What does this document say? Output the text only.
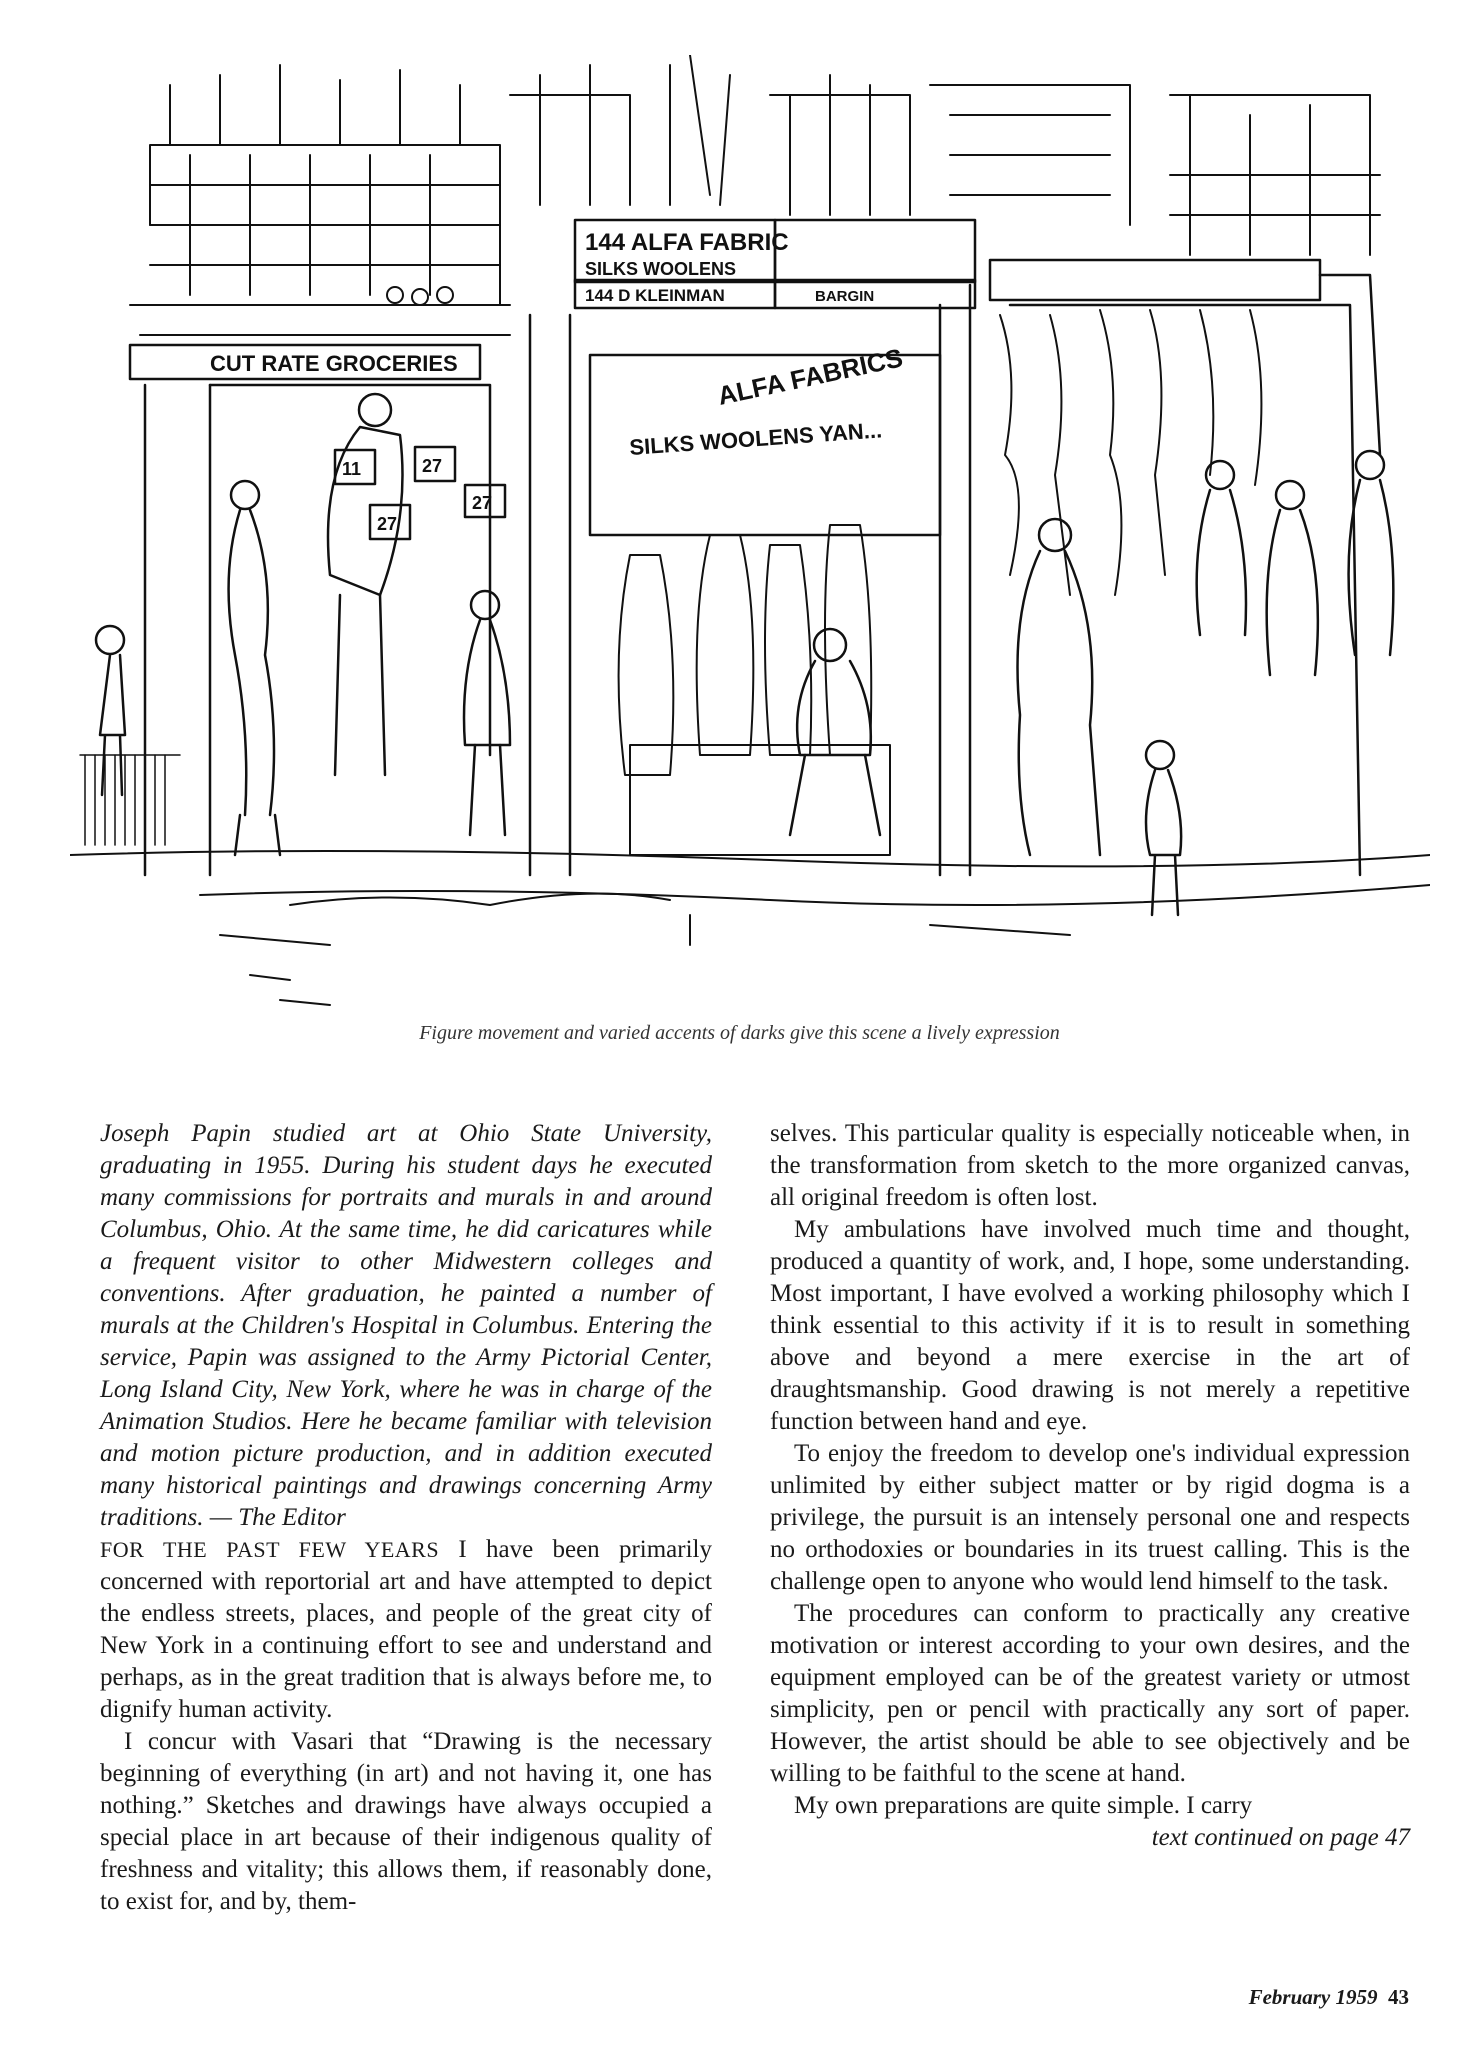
CUT RATE GROCERIES
144 ALFA FABRIC
SILKS WOOLENS
144 D KLEINMAN	BARGIN
ALFA FABRICS
SILKS WOOLENS YAN...
11	27
27
27
Figure movement and varied accents of darks give this scene a lively expression

Joseph Papin studied art at Ohio State University, graduating in 1955. During his student days he executed many commissions for portraits and murals in and around Columbus, Ohio. At the same time, he did caricatures while a frequent visitor to other Midwestern colleges and conventions. After graduation, he painted a number of murals at the Children's Hospital in Columbus. Entering the service, Papin was assigned to the Army Pictorial Center, Long Island City, New York, where he was in charge of the Animation Studios. Here he became familiar with television and motion picture production, and in addition executed many historical paintings and drawings concerning Army traditions. — The Editor

FOR THE PAST FEW YEARS I have been primarily concerned with reportorial art and have attempted to depict the endless streets, places, and people of the great city of New York in a continuing effort to see and understand and perhaps, as in the great tradition that is always before me, to dignify human activity.

I concur with Vasari that “Drawing is the necessary beginning of everything (in art) and not having it, one has nothing.” Sketches and drawings have always occupied a special place in art because of their indigenous quality of freshness and vitality; this allows them, if reasonably done, to exist for, and by, them-

selves. This particular quality is especially noticeable when, in the transformation from sketch to the more organized canvas, all original freedom is often lost.

My ambulations have involved much time and thought, produced a quantity of work, and, I hope, some understanding. Most important, I have evolved a working philosophy which I think essential to this activity if it is to result in something above and beyond a mere exercise in the art of draughtsmanship. Good drawing is not merely a repetitive function between hand and eye.

To enjoy the freedom to develop one's individual expression unlimited by either subject matter or by rigid dogma is a privilege, the pursuit is an intensely personal one and respects no orthodoxies or boundaries in its truest calling. This is the challenge open to anyone who would lend himself to the task.

The procedures can conform to practically any creative motivation or interest according to your own desires, and the equipment employed can be of the greatest variety or utmost simplicity, pen or pencil with practically any sort of paper. However, the artist should be able to see objectively and be willing to be faithful to the scene at hand.

My own preparations are quite simple. I carry

text continued on page 47

February 1959 43
